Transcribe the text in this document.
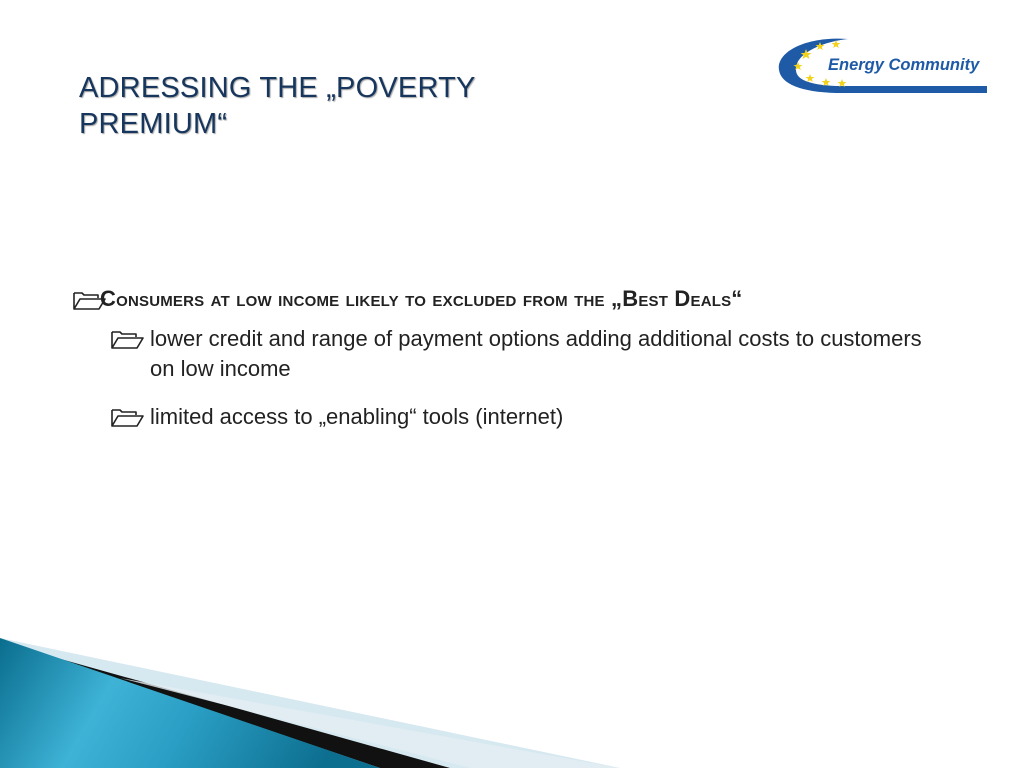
ADRESSING THE „POVERTY
PREMIUM“
Energy Community
Consumers at low income likely to excluded from the „Best Deals“
lower credit and range of payment options adding additional costs to customers on low income
limited access to „enabling“ tools (internet)
